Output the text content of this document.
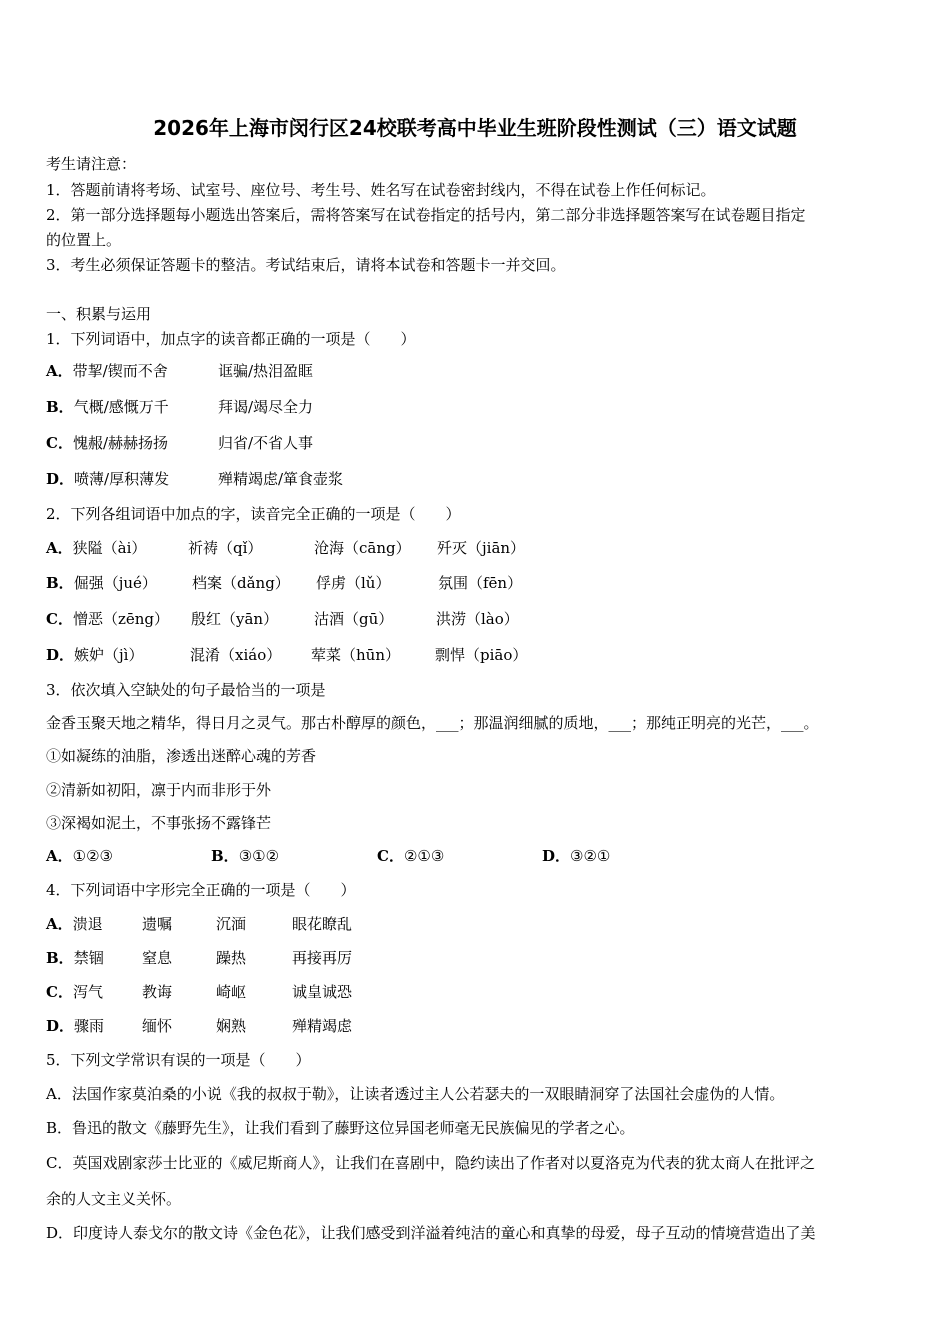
2026年上海市闵行区24校联考高中毕业生班阶段性测试（三）语文试题
考生请注意：
1．答题前请将考场、试室号、座位号、考生号、姓名写在试卷密封线内，不得在试卷上作任何标记。
2．第一部分选择题每小题选出答案后，需将答案写在试卷指定的括号内，第二部分非选择题答案写在试卷题目指定
的位置上。
3．考生必须保证答题卡的整洁。考试结束后，请将本试卷和答题卡一并交回。
一、积累与运用
1．下列词语中，加点字的读音都正确的一项是（　　）
A．带挈/锲而不舍	诓骗/热泪盈眶
B．气概/感慨万千	拜谒/竭尽全力
C．愧赧/赫赫扬扬	归省/不省人事
D．喷薄/厚积薄发	殚精竭虑/箪食壶浆
2．下列各组词语中加点的字，读音完全正确的一项是（　　）
A．狭隘（ài）	祈祷（qǐ）	沧海（cāng） 歼灭（jiān）
B．倔强（jué） 档案（dǎng） 俘虏（lǔ）	氛围（fēn）
C．憎恶（zēng） 殷红（yān） 沽酒（gū）	洪涝（lào）
D．嫉妒（jì）	混淆（xiáo） 荤菜（hūn） 剽悍（piāo）
3．依次填入空缺处的句子最恰当的一项是
金香玉聚天地之精华，得日月之灵气。那古朴醇厚的颜色，___；那温润细腻的质地，___；那纯正明亮的光芒，___。
①如凝练的油脂，渗透出迷醉心魂的芳香
②清新如初阳，凛于内而非形于外
③深褐如泥土，不事张扬不露锋芒
A．①②③	B．③①②	C．②①③	D．③②①
4．下列词语中字形完全正确的一项是（　　）
A．溃退	遗嘱	沉湎	眼花瞭乱
B．禁锢	窒息	躁热	再接再厉
C．泻气	教诲	崎岖	诚皇诚恐
D．骤雨	缅怀	娴熟	殚精竭虑
5．下列文学常识有误的一项是（　　）
A．法国作家莫泊桑的小说《我的叔叔于勒》，让读者透过主人公若瑟夫的一双眼睛洞穿了法国社会虚伪的人情。
B．鲁迅的散文《藤野先生》，让我们看到了藤野这位异国老师毫无民族偏见的学者之心。
C．英国戏剧家莎士比亚的《威尼斯商人》，让我们在喜剧中，隐约读出了作者对以夏洛克为代表的犹太商人在批评之
余的人文主义关怀。
D．印度诗人泰戈尔的散文诗《金色花》，让我们感受到洋溢着纯洁的童心和真挚的母爱，母子互动的情境营造出了美
